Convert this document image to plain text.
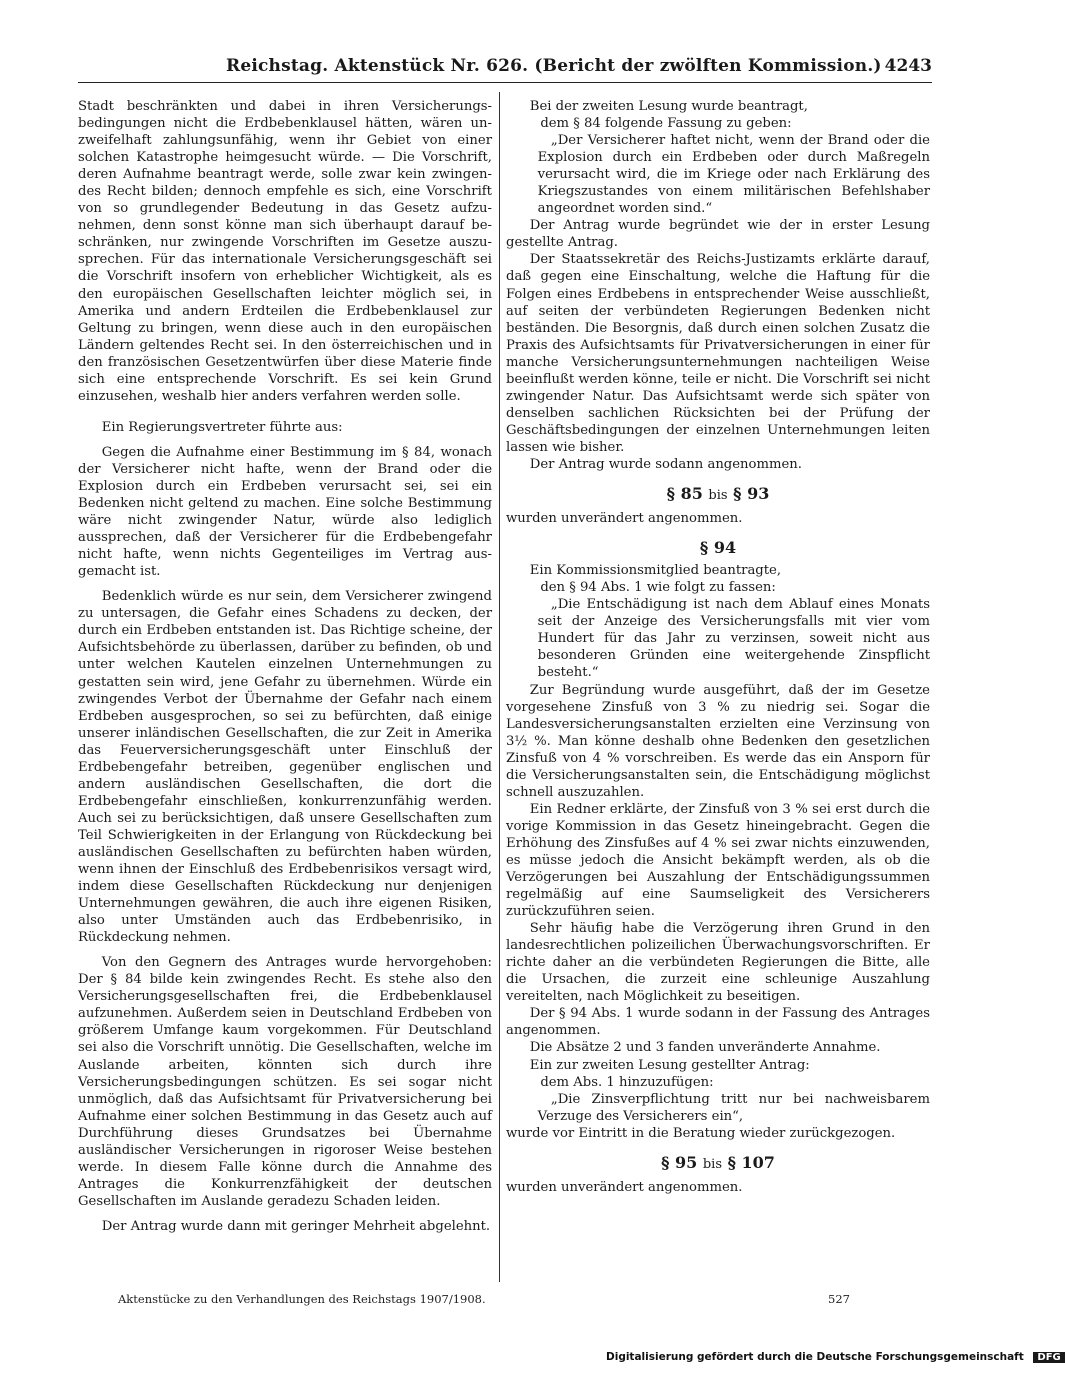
Reichstag. Aktenstück Nr. 626. (Bericht der zwölften Kommission.) 4243

Stadt beschränkten und dabei in ihren Versicherungsbedingungen nicht die Erdbebenklausel hätten, wären unzweifelhaft zahlungsunfähig, wenn ihr Gebiet von einer solchen Katastrophe heimgesucht würde. — Die Vorschrift, deren Aufnahme beantragt werde, solle zwar kein zwingendes Recht bilden; dennoch empfehle es sich, eine Vorschrift von so grundlegender Bedeutung in das Gesetz aufzunehmen, denn sonst könne man sich überhaupt darauf beschränken, nur zwingende Vorschriften im Gesetze auszusprechen. Für das internationale Versicherungsgeschäft sei die Vorschrift insofern von erheblicher Wichtigkeit, als es den europäischen Gesellschaften leichter möglich sei, in Amerika und andern Erdteilen die Erdbebenklausel zur Geltung zu bringen, wenn diese auch in den europäischen Ländern geltendes Recht sei. In den österreichischen und in den französischen Gesetzentwürfen über diese Materie finde sich eine entsprechende Vorschrift. Es sei kein Grund einzusehen, weshalb hier anders verfahren werden solle.

Ein Regierungsvertreter führte aus:

Gegen die Aufnahme einer Bestimmung im § 84, wonach der Versicherer nicht hafte, wenn der Brand oder die Explosion durch ein Erdbeben verursacht sei, sei ein Bedenken nicht geltend zu machen. Eine solche Bestimmung wäre nicht zwingender Natur, würde also lediglich aussprechen, daß der Versicherer für die Erdbebengefahr nicht hafte, wenn nichts Gegenteiliges im Vertrag ausgemacht ist.

Bedenklich würde es nur sein, dem Versicherer zwingend zu untersagen, die Gefahr eines Schadens zu decken, der durch ein Erdbeben entstanden ist. Das Richtige scheine, der Aufsichtsbehörde zu überlassen, darüber zu befinden, ob und unter welchen Kautelen einzelnen Unternehmungen zu gestatten sein wird, jene Gefahr zu übernehmen. Würde ein zwingendes Verbot der Übernahme der Gefahr nach einem Erdbeben ausgesprochen, so sei zu befürchten, daß einige unserer inländischen Gesellschaften, die zur Zeit in Amerika das Feuerversicherungsgeschäft unter Einschluß der Erdbebengefahr betreiben, gegenüber englischen und andern ausländischen Gesellschaften, die dort die Erdbebengefahr einschließen, konkurrenzunfähig werden. Auch sei zu berücksichtigen, daß unsere Gesellschaften zum Teil Schwierigkeiten in der Erlangung von Rückdeckung bei ausländischen Gesellschaften zu befürchten haben würden, wenn ihnen der Einschluß des Erdbebenrisikos versagt wird, indem diese Gesellschaften Rückdeckung nur denjenigen Unternehmungen gewähren, die auch ihre eigenen Risiken, also unter Umständen auch das Erdbebenrisiko, in Rückdeckung nehmen.

Von den Gegnern des Antrages wurde hervorgehoben: Der § 84 bilde kein zwingendes Recht. Es stehe also den Versicherungsgesellschaften frei, die Erdbebenklausel aufzunehmen. Außerdem seien in Deutschland Erdbeben von größerem Umfange kaum vorgekommen. Für Deutschland sei also die Vorschrift unnötig. Die Gesellschaften, welche im Auslande arbeiten, könnten sich durch ihre Versicherungsbedingungen schützen. Es sei sogar nicht unmöglich, daß das Aufsichtsamt für Privatversicherung bei Aufnahme einer solchen Bestimmung in das Gesetz auch auf Durchführung dieses Grundsatzes bei Übernahme ausländischer Versicherungen in rigoroser Weise bestehen werde. In diesem Falle könne durch die Annahme des Antrages die Konkurrenzfähigkeit der deutschen Gesellschaften im Auslande geradezu Schaden leiden.

Der Antrag wurde dann mit geringer Mehrheit abgelehnt.

Bei der zweiten Lesung wurde beantragt,

dem § 84 folgende Fassung zu geben:

„Der Versicherer haftet nicht, wenn der Brand oder die Explosion durch ein Erdbeben oder durch Maßregeln verursacht wird, die im Kriege oder nach Erklärung des Kriegszustandes von einem militärischen Befehlshaber angeordnet worden sind.“

Der Antrag wurde begründet wie der in erster Lesung gestellte Antrag.

Der Staatssekretär des Reichs-Justizamts erklärte darauf, daß gegen eine Einschaltung, welche die Haftung für die Folgen eines Erdbebens in entsprechender Weise ausschließt, auf seiten der verbündeten Regierungen Bedenken nicht beständen. Die Besorgnis, daß durch einen solchen Zusatz die Praxis des Aufsichtsamts für Privatversicherungen in einer für manche Versicherungsunternehmungen nachteiligen Weise beeinflußt werden könne, teile er nicht. Die Vorschrift sei nicht zwingender Natur. Das Aufsichtsamt werde sich später von denselben sachlichen Rücksichten bei der Prüfung der Geschäftsbedingungen der einzelnen Unternehmungen leiten lassen wie bisher.

Der Antrag wurde sodann angenommen.

§ 85 bis § 93

wurden unverändert angenommen.

§ 94

Ein Kommissionsmitglied beantragte,

den § 94 Abs. 1 wie folgt zu fassen:

„Die Entschädigung ist nach dem Ablauf eines Monats seit der Anzeige des Versicherungsfalls mit vier vom Hundert für das Jahr zu verzinsen, soweit nicht aus besonderen Gründen eine weitergehende Zinspflicht besteht.“

Zur Begründung wurde ausgeführt, daß der im Gesetze vorgesehene Zinsfuß von 3 % zu niedrig sei. Sogar die Landesversicherungsanstalten erzielten eine Verzinsung von 3½ %. Man könne deshalb ohne Bedenken den gesetzlichen Zinsfuß von 4 % vorschreiben. Es werde das ein Ansporn für die Versicherungsanstalten sein, die Entschädigung möglichst schnell auszuzahlen.

Ein Redner erklärte, der Zinsfuß von 3 % sei erst durch die vorige Kommission in das Gesetz hineingebracht. Gegen die Erhöhung des Zinsfußes auf 4 % sei zwar nichts einzuwenden, es müsse jedoch die Ansicht bekämpft werden, als ob die Verzögerungen bei Auszahlung der Entschädigungssummen regelmäßig auf eine Saumseligkeit des Versicherers zurückzuführen seien.

Sehr häufig habe die Verzögerung ihren Grund in den landesrechtlichen polizeilichen Überwachungsvorschriften. Er richte daher an die verbündeten Regierungen die Bitte, alle die Ursachen, die zurzeit eine schleunige Auszahlung vereitelten, nach Möglichkeit zu beseitigen.

Der § 94 Abs. 1 wurde sodann in der Fassung des Antrages angenommen.

Die Absätze 2 und 3 fanden unveränderte Annahme.

Ein zur zweiten Lesung gestellter Antrag:

dem Abs. 1 hinzuzufügen:

„Die Zinsverpflichtung tritt nur bei nachweisbarem Verzuge des Versicherers ein“,

wurde vor Eintritt in die Beratung wieder zurückgezogen.

§ 95 bis § 107

wurden unverändert angenommen.

Aktenstücke zu den Verhandlungen des Reichstags 1907/1908.	527
Digitalisierung gefördert durch die Deutsche Forschungsgemeinschaft DFG
